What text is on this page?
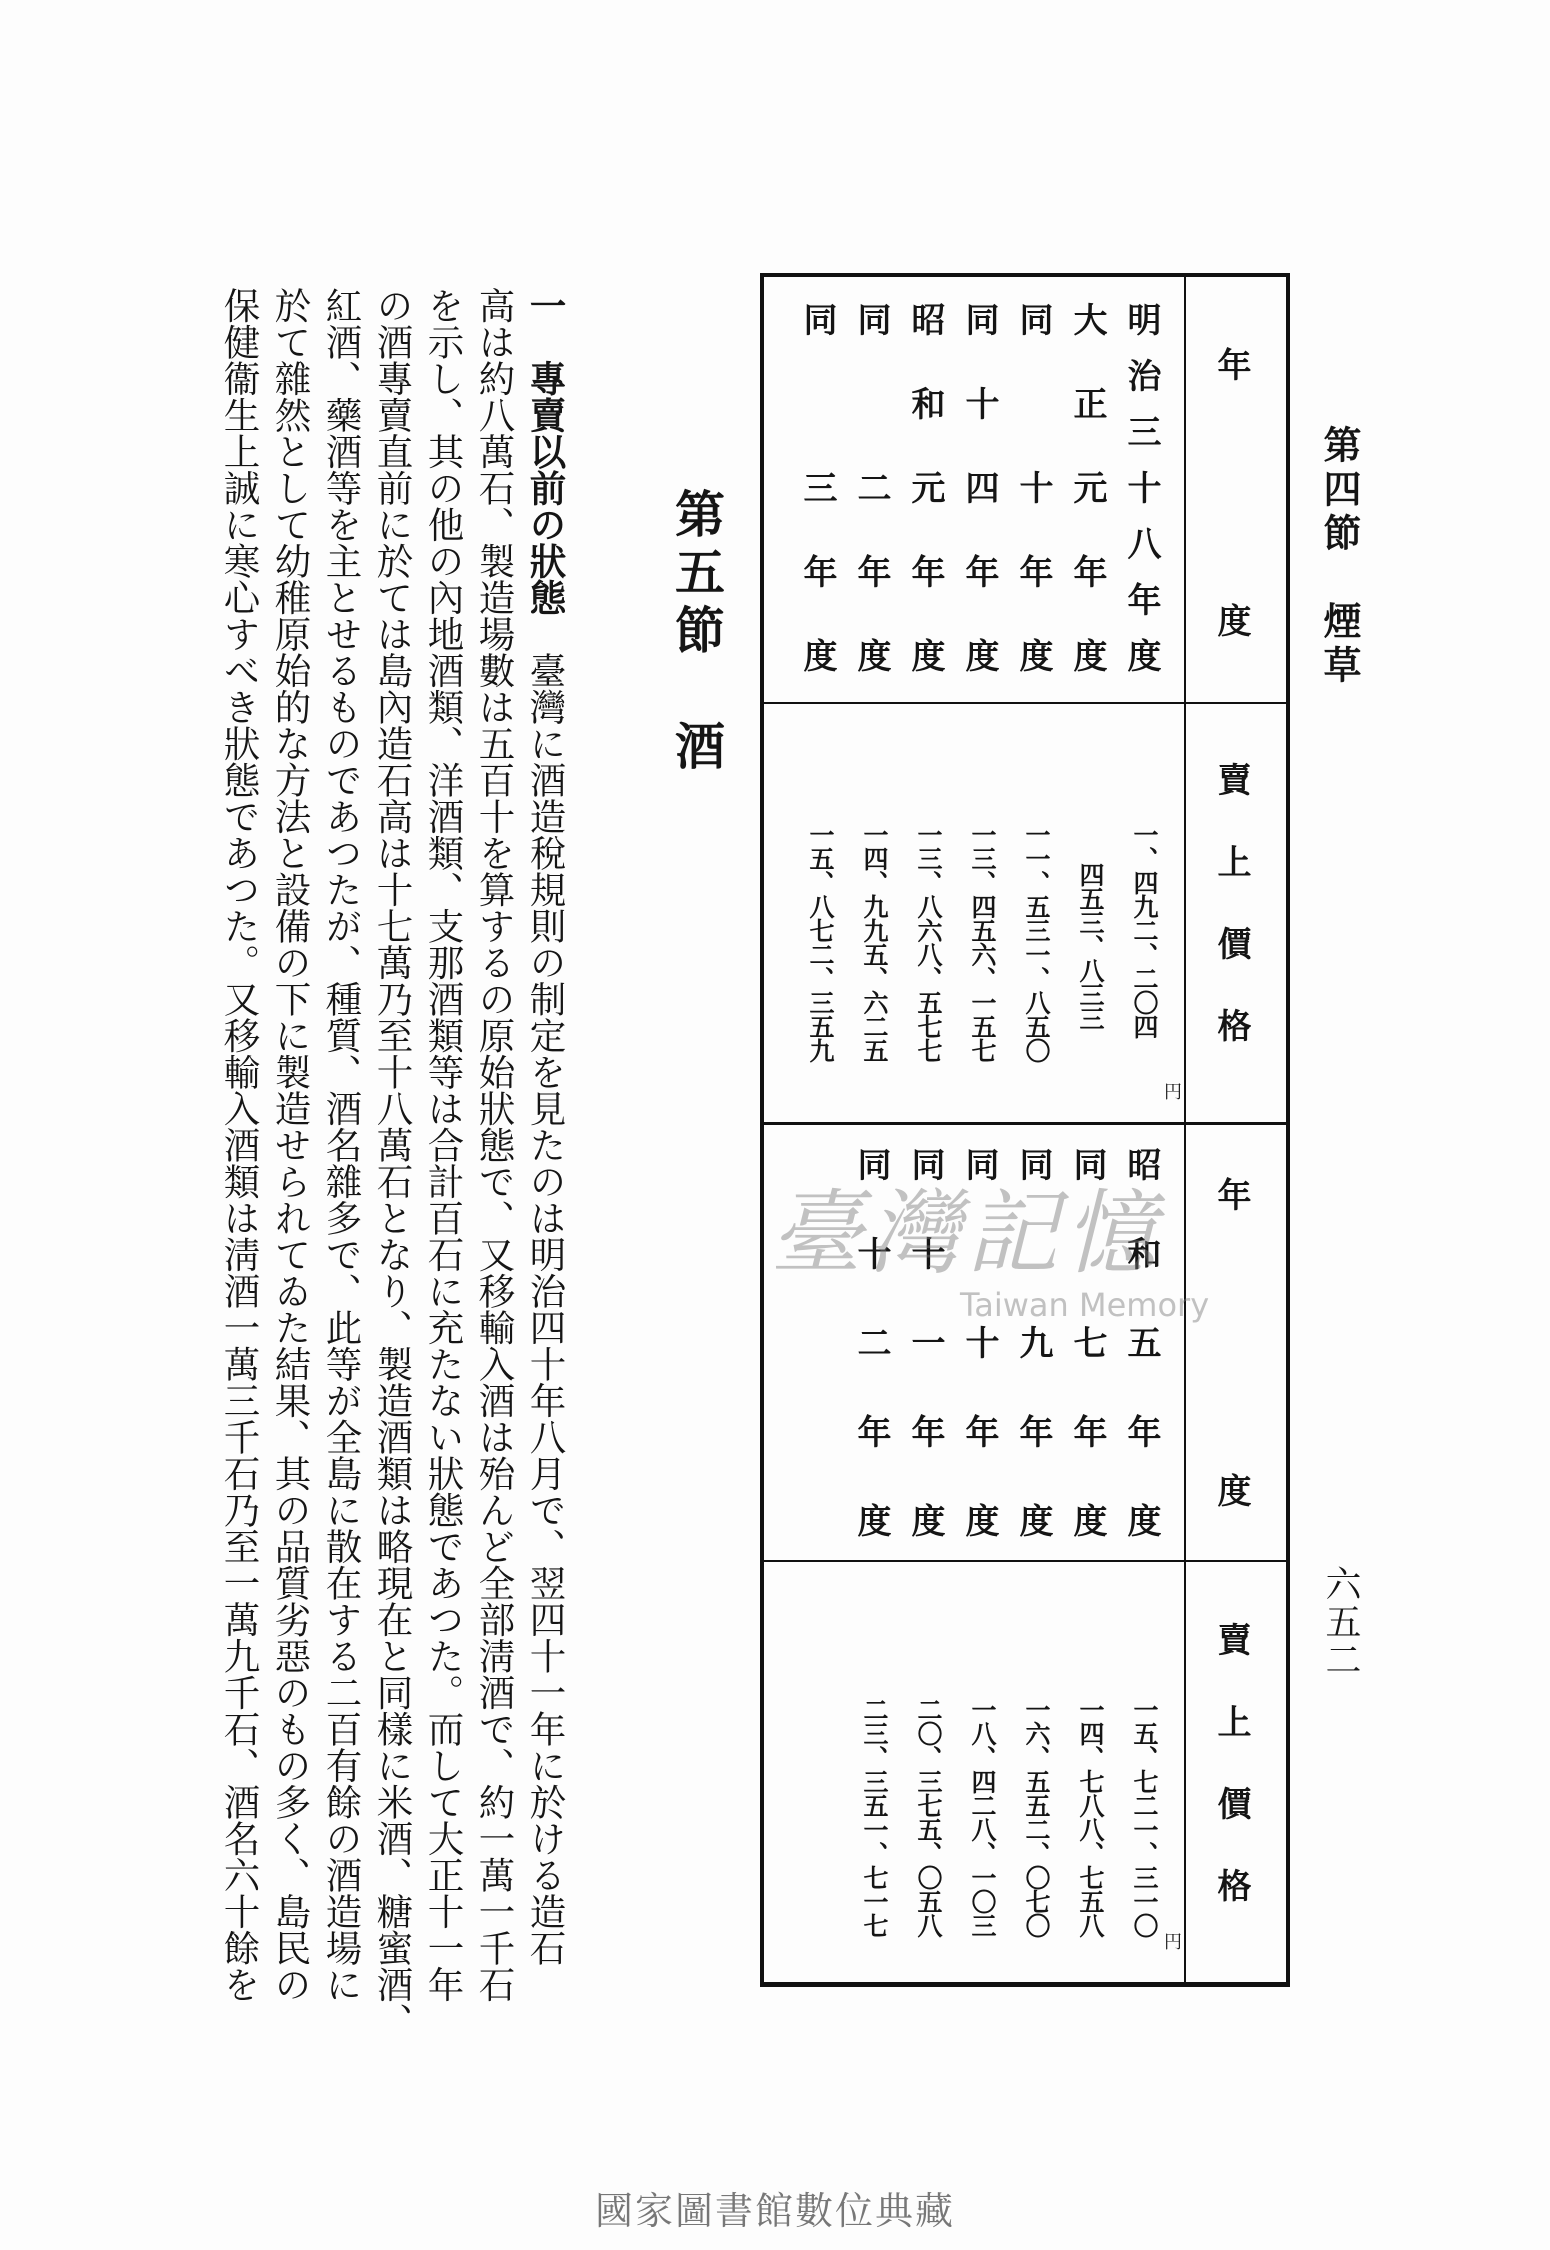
第四節　煙草
六五二
年度
賣上價格
年度
賣上價格
円
円
明治三十八年度
一、四九二、二〇四
大正元年度
四五三、八三三
同　十年度
一一、五三一、八五〇
同十四年度
一三、四五六、一五七
昭和元年度
一三、八六八、五七七
同　二年度
一四、九九五、六二五
同　三年度
一五、八七二、三五九
昭和五年度
一五、七二一、三一〇
同　七年度
一四、七八八、七五八
同　九年度
一六、五五二、〇七〇
同　十年度
一八、四二八、一〇三
同十一年度
二〇、三七五、〇五八
同十二年度
二三、三五一、七一七
第五節　酒
一　專賣以前の狀態　臺灣に酒造稅規則の制定を見たのは明治四十年八月で、翌四十一年に於ける造石
高は約八萬石、製造場數は五百十を算するの原始狀態で、又移輸入酒は殆んど全部淸酒で、約一萬一千石
を示し、其の他の內地酒類、洋酒類、支那酒類等は合計百石に充たない狀態であつた。而して大正十一年
の酒專賣直前に於ては島內造石高は十七萬乃至十八萬石となり、製造酒類は略現在と同樣に米酒、糖蜜酒、
紅酒、藥酒等を主とせるものであつたが、種質、酒名雜多で、此等が全島に散在する二百有餘の酒造場に
於て雜然として幼稚原始的な方法と設備の下に製造せられてゐた結果、其の品質劣惡のもの多く、島民の
保健衞生上誠に寒心すべき狀態であつた。又移輸入酒類は淸酒一萬三千石乃至一萬九千石、酒名六十餘を	臺灣記憶
Taiwan Memory
國家圖書館數位典藏
